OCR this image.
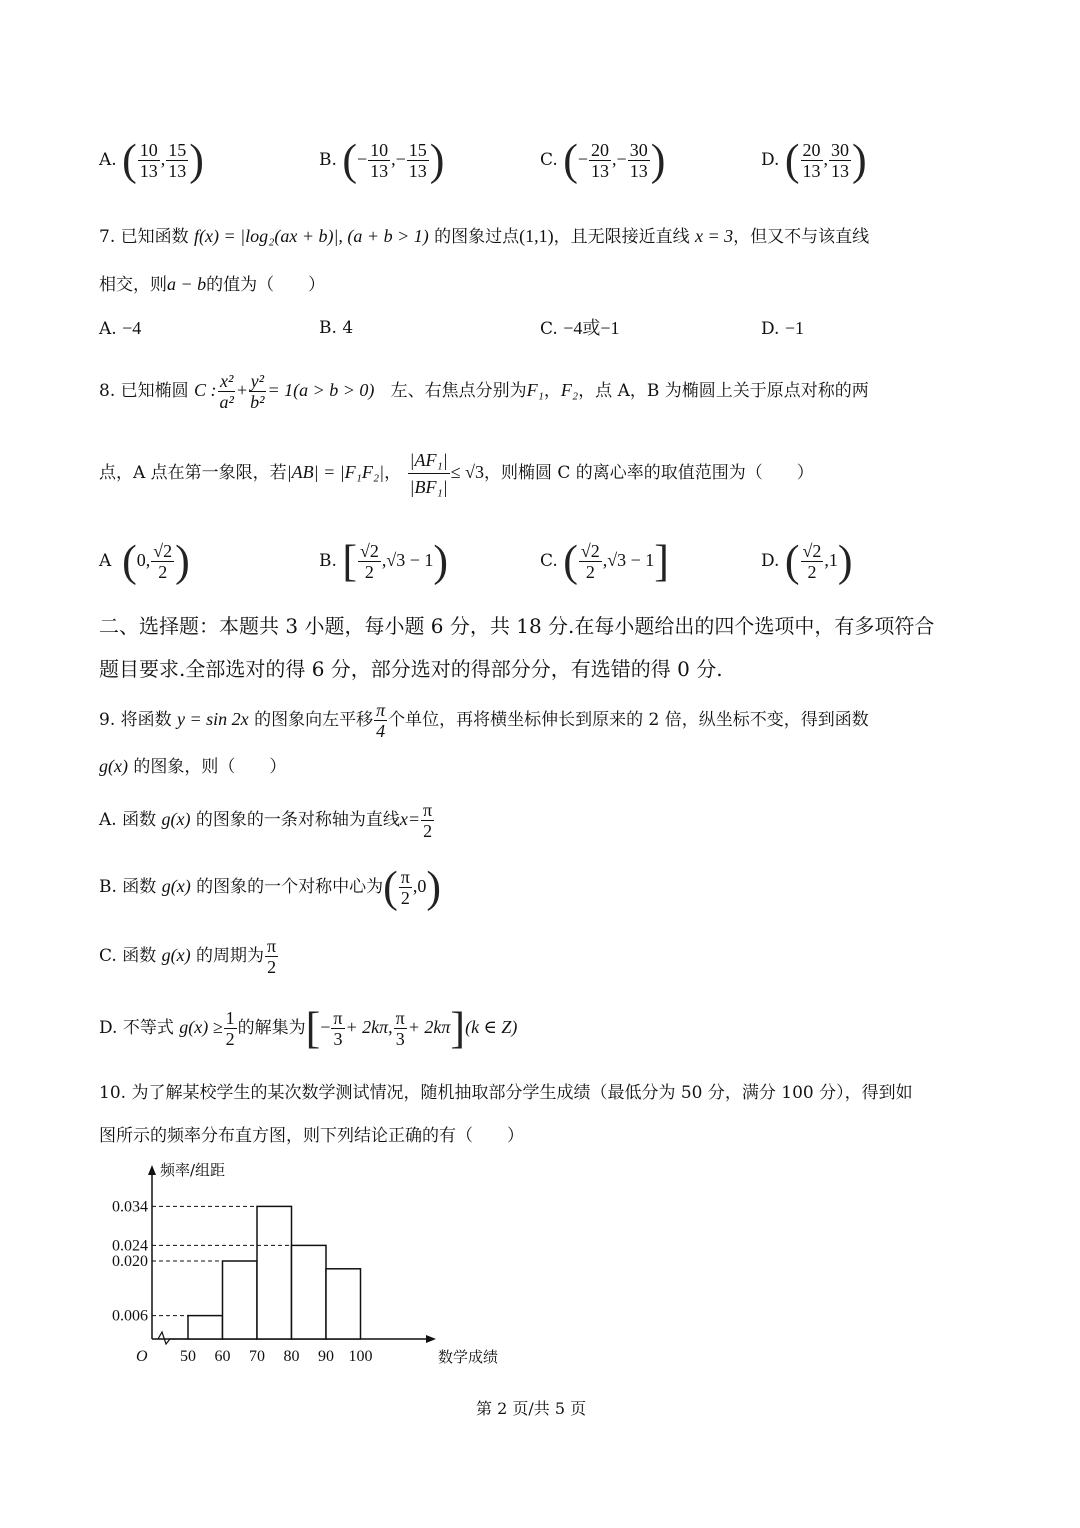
A. ( $\frac{10}{13}$ , $\frac{15}{13}$ )	B. (− $\frac{10}{13}$ ,− $\frac{15}{13}$ )	C. (− $\frac{20}{13}$ ,− $\frac{30}{13}$ )	D. ( $\frac{20}{13}$ , $\frac{30}{13}$ )
7. 已知函数 f(x) = |log₂(ax + b)|, (a + b > 1) 的图象过点(1,1)，且无限接近直线 x = 3，但又不与该直线
相交，则a − b的值为（　　）
A. −4	B. 4	C. −4或−1	D. −1
8. 已知椭圆 C : $\frac{\text{x²}}{\text{a²}} + \frac{\text{y²}}{\text{b²}} = 1(a > b > 0)$ 左、右焦点分别为F₁，F₂，点 A，B 为椭圆上关于原点对称的两
点，A 点在第一象限，若|AB| = |F₁F₂|， $\frac{\text{|AF₁|}}{\text{|BF₁|}} \le √3$，则椭圆 C 的离心率的取值范围为（　　）
A (0, $\frac{√2}{2}$ )	B. [ $\frac{√2}{2} ,√3 - 1$)	C. ( $\frac{√2}{2} ,√3 - 1$]	D. ( $\frac{√2}{2} ,1$)
二、选择题：本题共 3 小题，每小题 6 分，共 18 分.在每小题给出的四个选项中，有多项符合
题目要求.全部选对的得 6 分，部分选对的得部分分，有选错的得 0 分.
9. 将函数 y = sin 2x 的图象向左平移 $\frac{\pi}{4}$ 个单位，再将横坐标伸长到原来的 2 倍，纵坐标不变，得到函数
g(x) 的图象，则（　　）
A. 函数 g(x) 的图象的一条对称轴为直线$x= \frac{\pi}{2}$
B. 函数 g(x) 的图象的一个对称中心为( $\frac{\pi}{2} ,0$)
C. 函数 g(x) 的周期为 $\frac{\pi}{2}$
D. 不等式 $g(x) \ge \frac{1}{2}$ 的解集为[− $\frac{\pi}{3} + 2k\pi$, $\frac{\pi}{3} + 2k\pi](k$ ∈ Z)
10. 为了解某校学生的某次数学测试情况，随机抽取部分学生成绩（最低分为 50 分，满分 100 分），得到如
图所示的频率分布直方图，则下列结论正确的有（　　）
频率/组距
数学成绩
O
0.034
0.024
0.020
0.006
50 60 70 80 90 100
第 2 页/共 5 页
